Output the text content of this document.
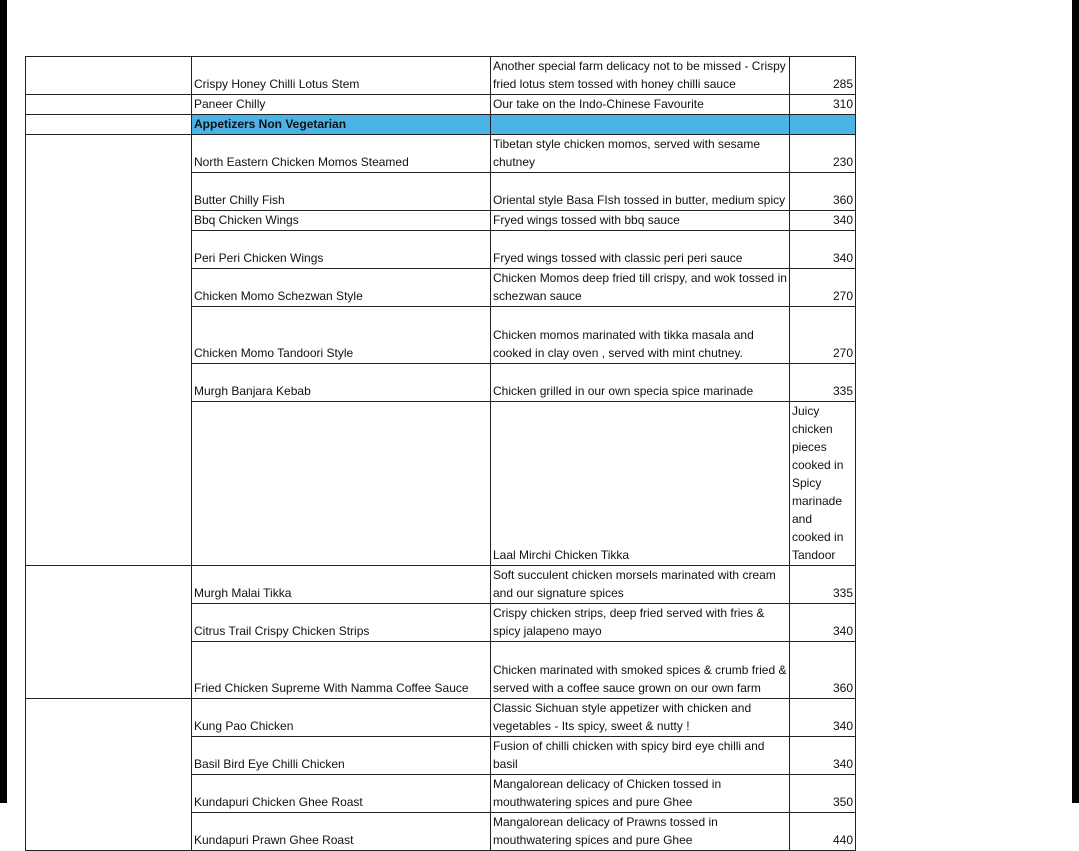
	Crispy Honey Chilli Lotus Stem	Another special farm delicacy not to be missed - Crispy fried lotus stem tossed with honey chilli sauce	285	
	Paneer Chilly	Our take on the Indo-Chinese Favourite	310	
	Appetizers Non Vegetarian			

	North Eastern Chicken Momos Steamed	Tibetan style chicken momos, served with sesame chutney	230	
	Butter Chilly Fish	Oriental style Basa FIsh tossed in butter, medium spicy	360	
	Bbq Chicken Wings	Fryed wings tossed with bbq sauce	340	
	Peri Peri Chicken Wings	Fryed wings tossed with classic peri peri sauce	340	
	Chicken Momo Schezwan Style	Chicken Momos deep fried till crispy, and wok tossed in schezwan sauce	270	
	Chicken Momo Tandoori Style	Chicken momos marinated with tikka masala and cooked in clay oven , served with mint chutney.	270	
	Murgh Banjara Kebab	Chicken grilled in our own specia spice marinade	335	
		Laal Mirchi Chicken Tikka	Juicy chicken pieces cooked in Spicy marinade and cooked in Tandoor	

	Murgh Malai Tikka	Soft succulent chicken morsels marinated with cream and our signature spices	335	
	Citrus Trail Crispy Chicken Strips	Crispy chicken strips, deep fried served with fries & spicy jalapeno mayo	340	
	Fried Chicken Supreme With Namma Coffee Sauce	Chicken marinated with smoked spices & crumb fried & served with a coffee sauce grown on our own farm	360	

	Kung Pao Chicken	Classic Sichuan style appetizer with chicken and vegetables - Its spicy, sweet & nutty !	340	
	Basil Bird Eye Chilli Chicken	Fusion of chilli chicken with spicy bird eye chilli and basil	340	
	Kundapuri Chicken Ghee Roast	Mangalorean delicacy of Chicken tossed in mouthwatering spices and pure Ghee	350	
	Kundapuri Prawn Ghee Roast	Mangalorean delicacy of Prawns tossed in mouthwatering spices and pure Ghee	440	
